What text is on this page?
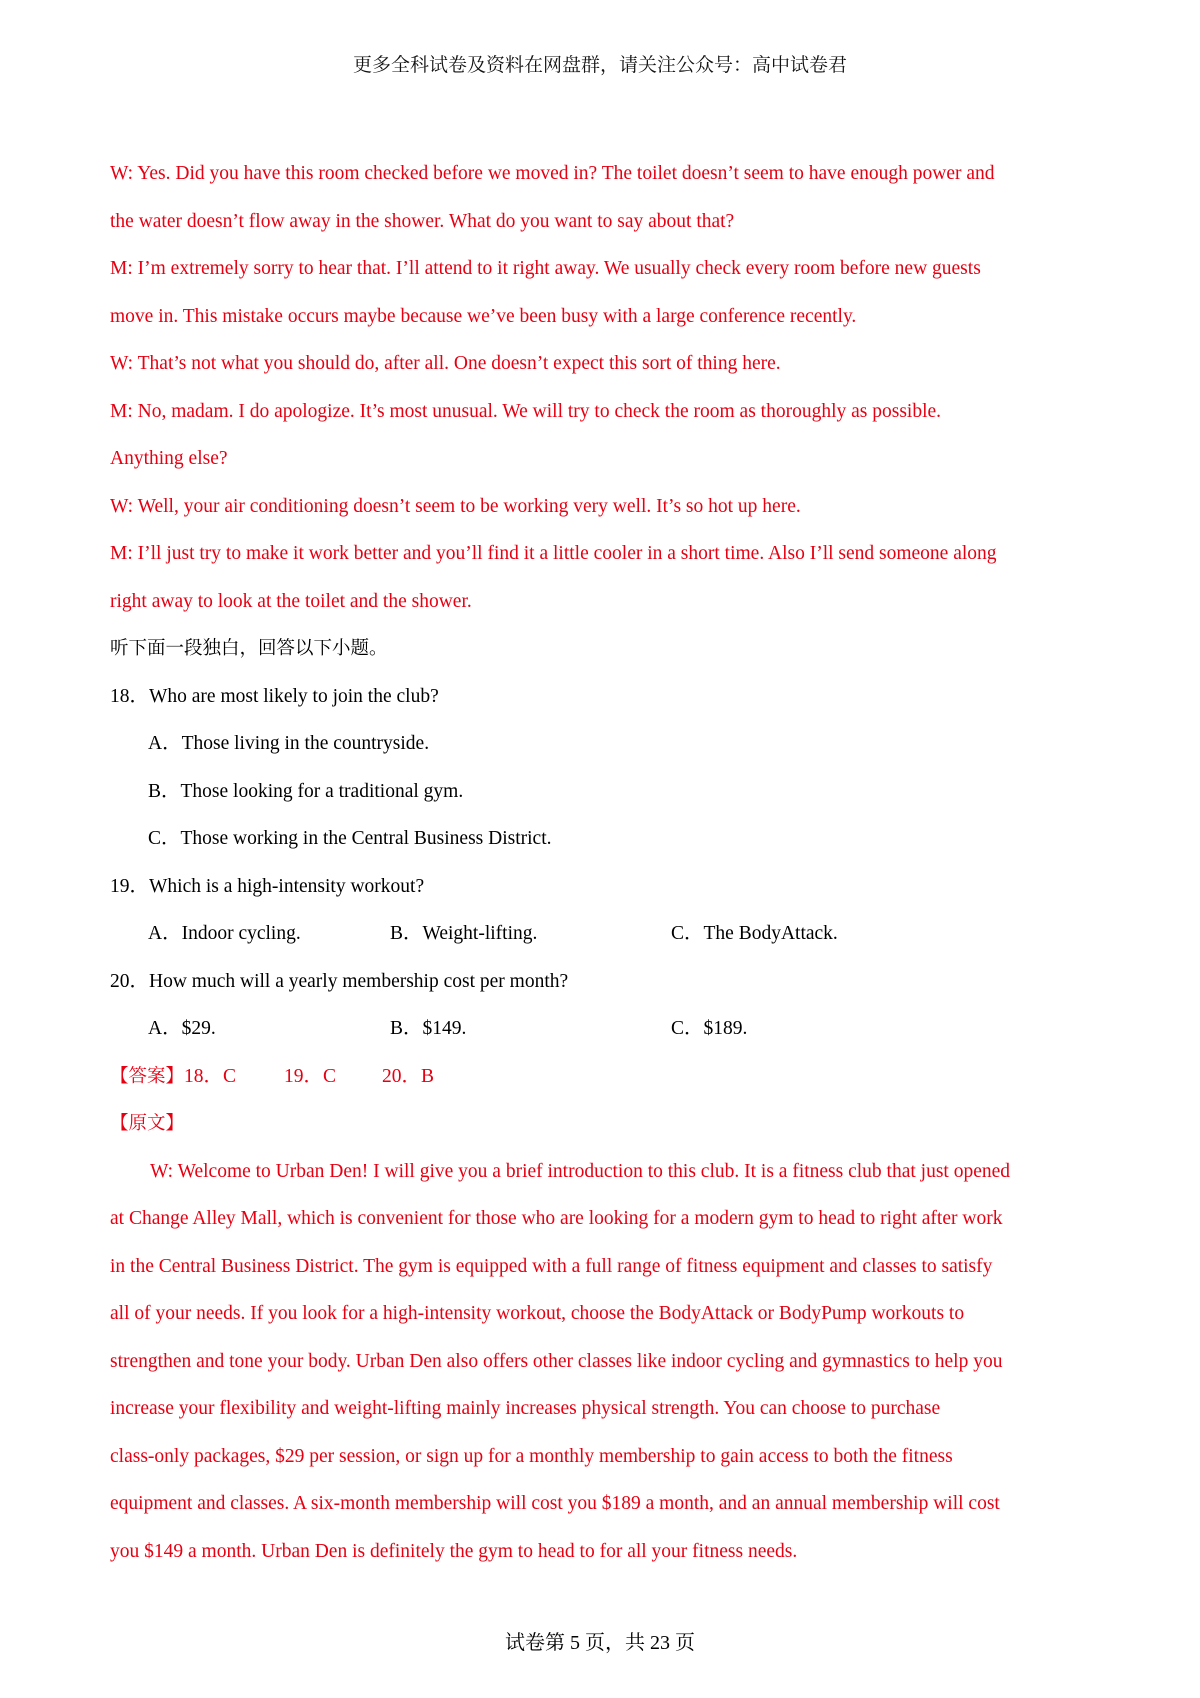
更多全科试卷及资料在网盘群，请关注公众号：高中试卷君
W: Yes. Did you have this room checked before we moved in? The toilet doesn’t seem to have enough power and
the water doesn’t flow away in the shower. What do you want to say about that?
M: I’m extremely sorry to hear that. I’ll attend to it right away. We usually check every room before new guests
move in. This mistake occurs maybe because we’ve been busy with a large conference recently.
W: That’s not what you should do, after all. One doesn’t expect this sort of thing here.
M: No, madam. I do apologize. It’s most unusual. We will try to check the room as thoroughly as possible.
Anything else?
W: Well, your air conditioning doesn’t seem to be working very well. It’s so hot up here.
M: I’ll just try to make it work better and you’ll find it a little cooler in a short time. Also I’ll send someone along
right away to look at the toilet and the shower.
听下面一段独白，回答以下小题。
18．Who are most likely to join the club?
A．Those living in the countryside.
B．Those looking for a traditional gym.
C．Those working in the Central Business District.
19．Which is a high-intensity workout?
A．Indoor cycling.	B．Weight-lifting.	C．The BodyAttack.
20．How much will a yearly membership cost per month?
A．$29.	B．$149.	C．$189.
【答案】18．C 19．C 20．B
【原文】
W: Welcome to Urban Den! I will give you a brief introduction to this club. It is a fitness club that just opened
at Change Alley Mall, which is convenient for those who are looking for a modern gym to head to right after work
in the Central Business District. The gym is equipped with a full range of fitness equipment and classes to satisfy
all of your needs. If you look for a high-intensity workout, choose the BodyAttack or BodyPump workouts to
strengthen and tone your body. Urban Den also offers other classes like indoor cycling and gymnastics to help you
increase your flexibility and weight-lifting mainly increases physical strength. You can choose to purchase
class-only packages, $29 per session, or sign up for a monthly membership to gain access to both the fitness
equipment and classes. A six-month membership will cost you $189 a month, and an annual membership will cost
you $149 a month. Urban Den is definitely the gym to head to for all your fitness needs.
试卷第 5 页，共 23 页
